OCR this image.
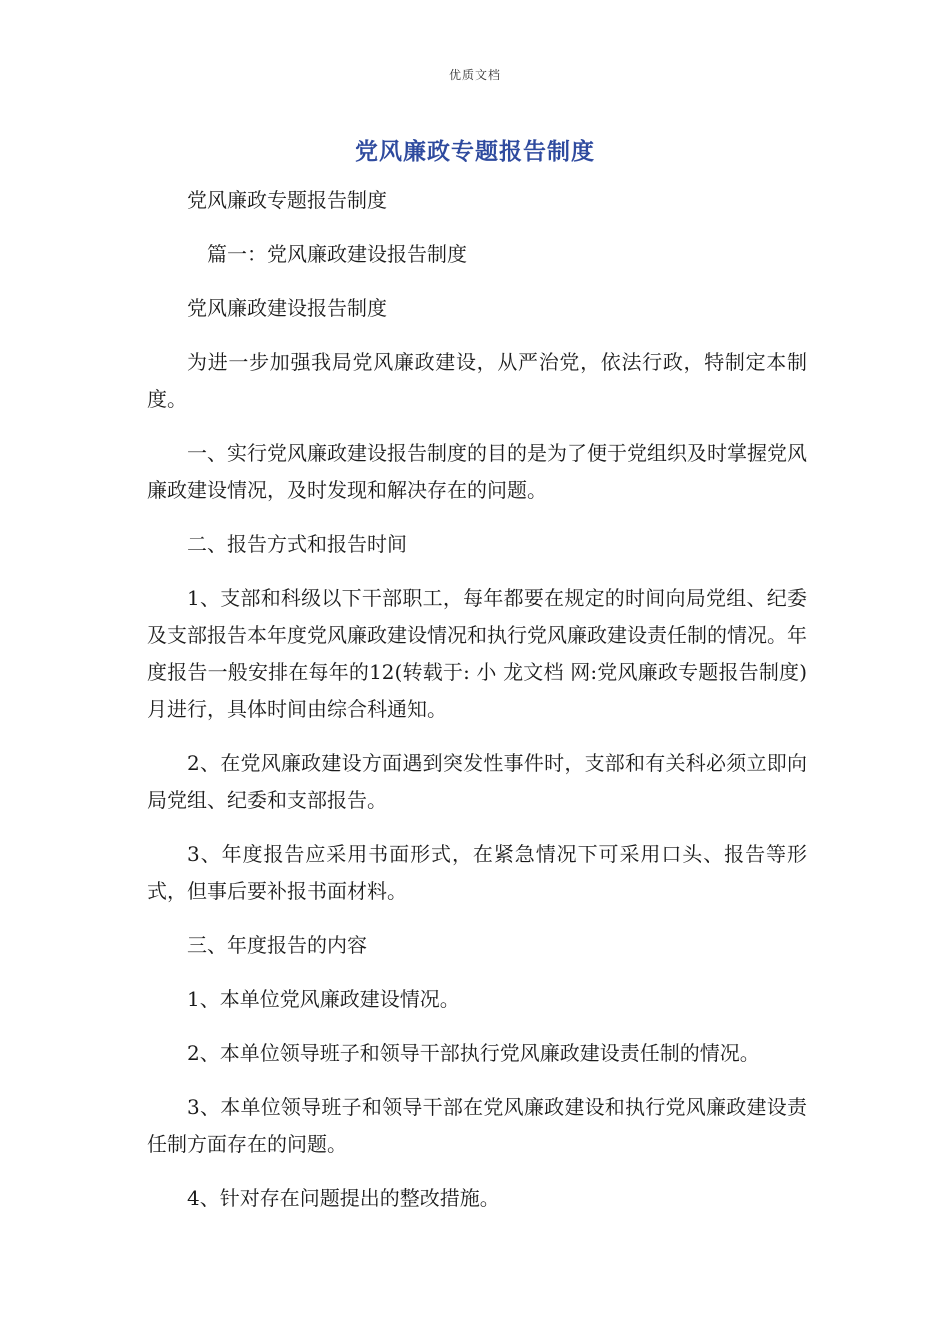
优质文档
党风廉政专题报告制度

党风廉政专题报告制度

篇一：党风廉政建设报告制度

党风廉政建设报告制度

为进一步加强我局党风廉政建设，从严治党，依法行政，特制定本制度。

一、实行党风廉政建设报告制度的目的是为了便于党组织及时掌握党风廉政建设情况，及时发现和解决存在的问题。

二、报告方式和报告时间

1、支部和科级以下干部职工，每年都要在规定的时间向局党组、纪委及支部报告本年度党风廉政建设情况和执行党风廉政建设责任制的情况。年度报告一般安排在每年的12(转载于: 小 龙文档 网:党风廉政专题报告制度)月进行，具体时间由综合科通知。

2、在党风廉政建设方面遇到突发性事件时，支部和有关科必须立即向局党组、纪委和支部报告。

3、年度报告应采用书面形式，在紧急情况下可采用口头、报告等形式，但事后要补报书面材料。

三、年度报告的内容

1、本单位党风廉政建设情况。

2、本单位领导班子和领导干部执行党风廉政建设责任制的情况。

3、本单位领导班子和领导干部在党风廉政建设和执行党风廉政建设责任制方面存在的问题。

4、针对存在问题提出的整改措施。
